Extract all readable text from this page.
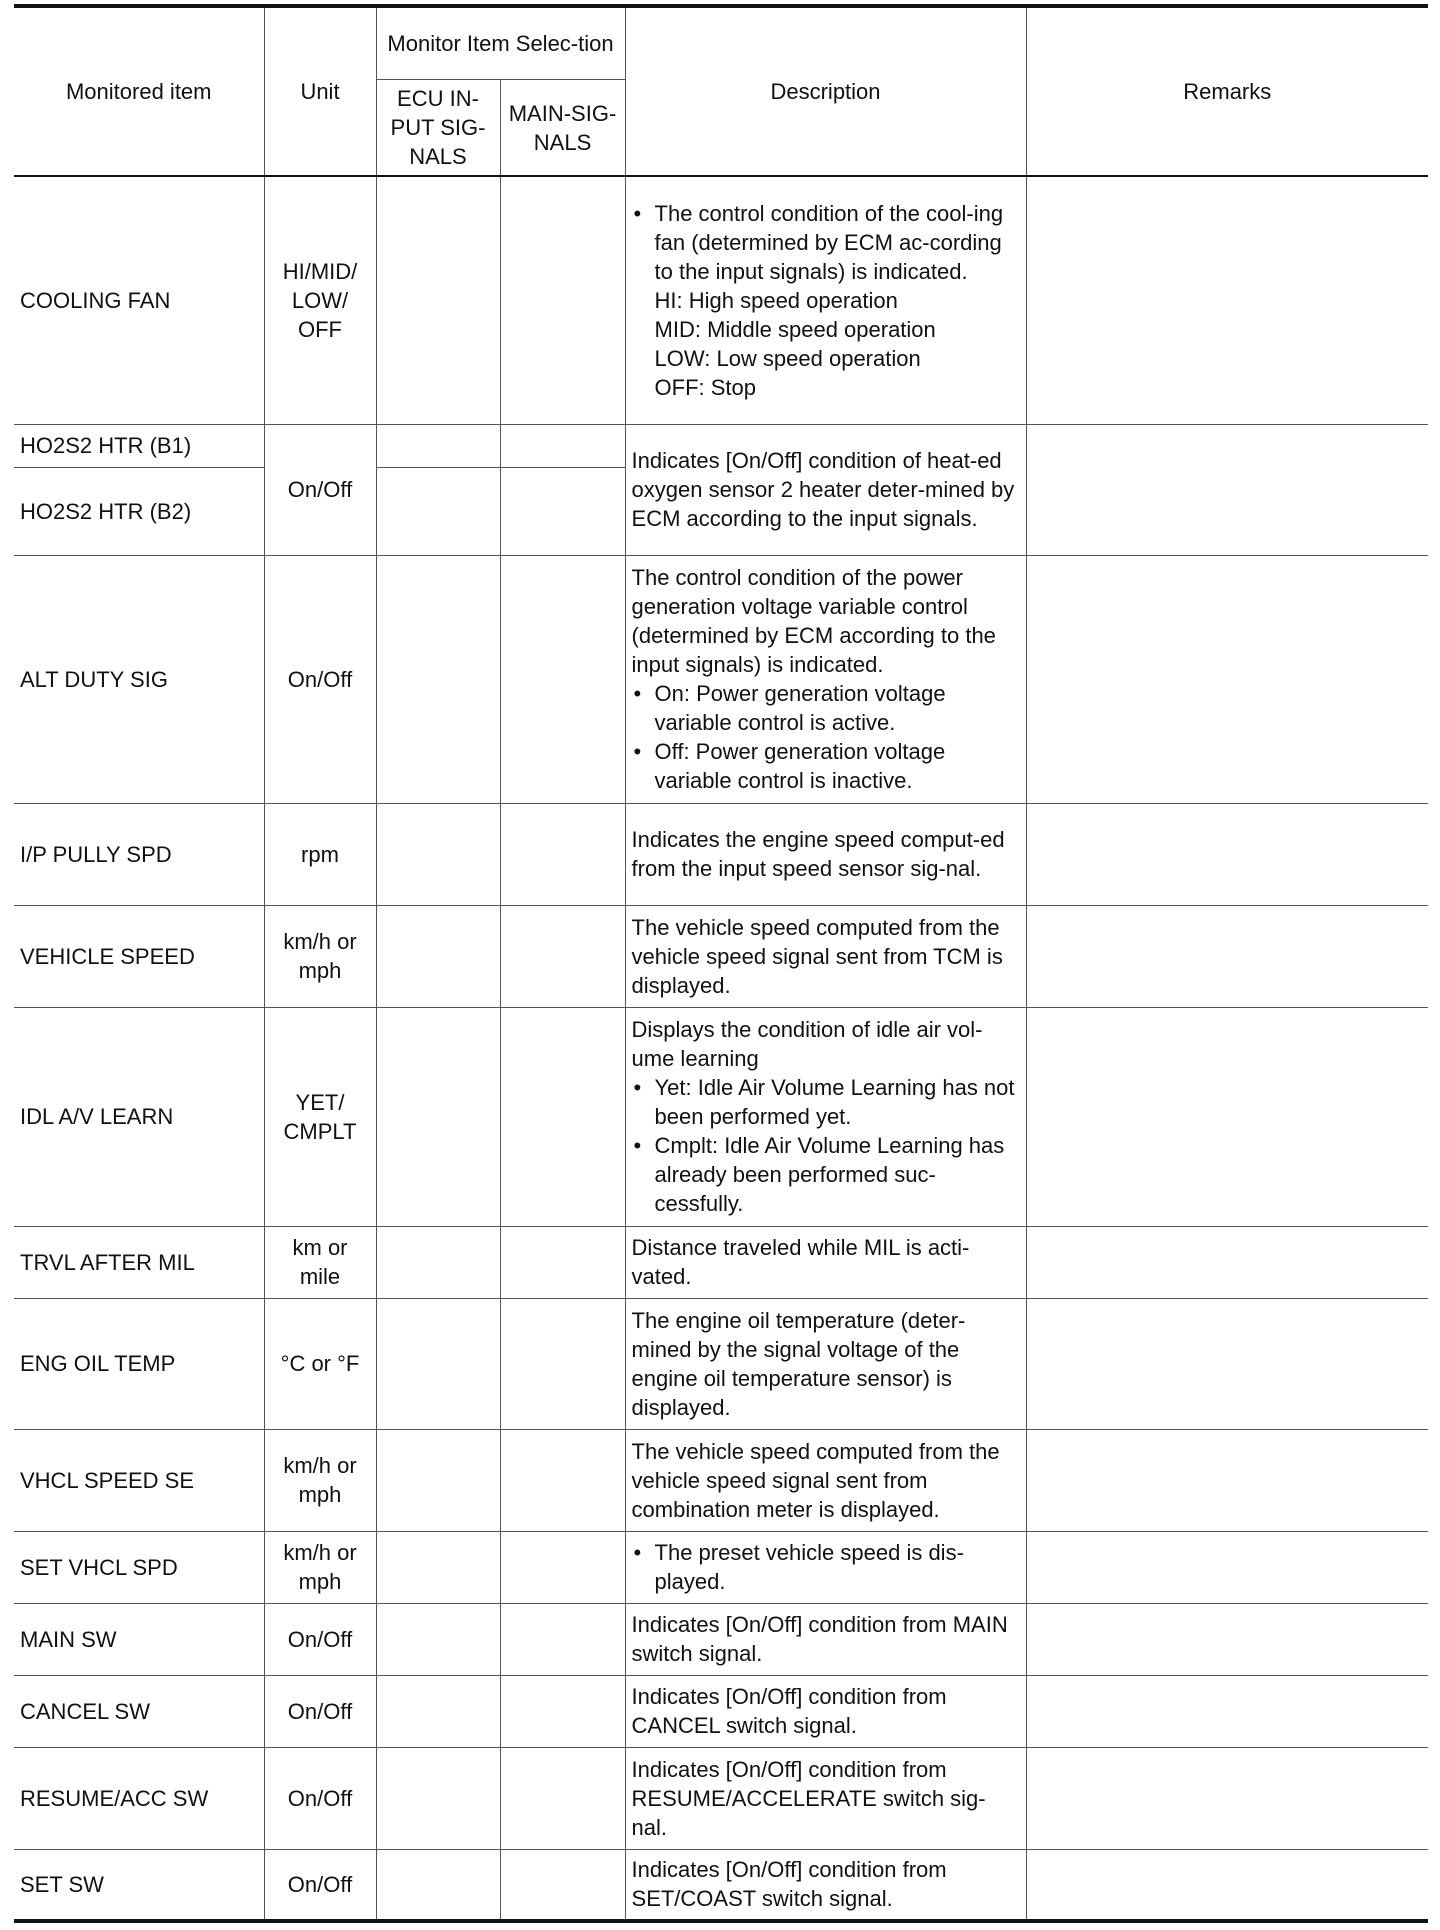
Monitored item	Unit	Monitor Item Selec-tion		Description	Remarks
		ECU IN-PUT SIG-NALS	MAIN-SIG-NALS		
COOLING FAN	HI/MID/ LOW/ OFF			• The control condition of the cool-ing fan (determined by ECM ac-cording to the input signals) is indicated.
HI: High speed operation
MID: Middle speed operation
LOW: Low speed operation
OFF: Stop

HO2S2 HTR (B1)	On/Off			Indicates [On/Off] condition of heat-ed oxygen sensor 2 heater deter-mined by ECM according to the input signals.	
HO2S2 HTR (B2)					
ALT DUTY SIG	On/Off			The control condition of the power generation voltage variable control (determined by ECM according to the input signals) is indicated.
• On: Power generation voltage variable control is active.
• Off: Power generation voltage variable control is inactive.

I/P PULLY SPD	rpm			Indicates the engine speed comput-ed from the input speed sensor sig-nal.	
VEHICLE SPEED	km/h or mph			The vehicle speed computed from the vehicle speed signal sent from TCM is displayed.	
IDL A/V LEARN	YET/ CMPLT			Displays the condition of idle air vol-ume learning
• Yet: Idle Air Volume Learning has not been performed yet.
• Cmplt: Idle Air Volume Learning has already been performed suc-cessfully.

TRVL AFTER MIL	km or mile			Distance traveled while MIL is acti-vated.	
ENG OIL TEMP	°C or °F			The engine oil temperature (deter-mined by the signal voltage of the engine oil temperature sensor) is displayed.	
VHCL SPEED SE	km/h or mph			The vehicle speed computed from the vehicle speed signal sent from combination meter is displayed.	
SET VHCL SPD	km/h or mph			• The preset vehicle speed is dis-played.

MAIN SW	On/Off			Indicates [On/Off] condition from MAIN switch signal.	
CANCEL SW	On/Off			Indicates [On/Off] condition from CANCEL switch signal.	
RESUME/ACC SW	On/Off			Indicates [On/Off] condition from RESUME/ACCELERATE switch sig-nal.	
SET SW	On/Off			Indicates [On/Off] condition from SET/COAST switch signal.	
